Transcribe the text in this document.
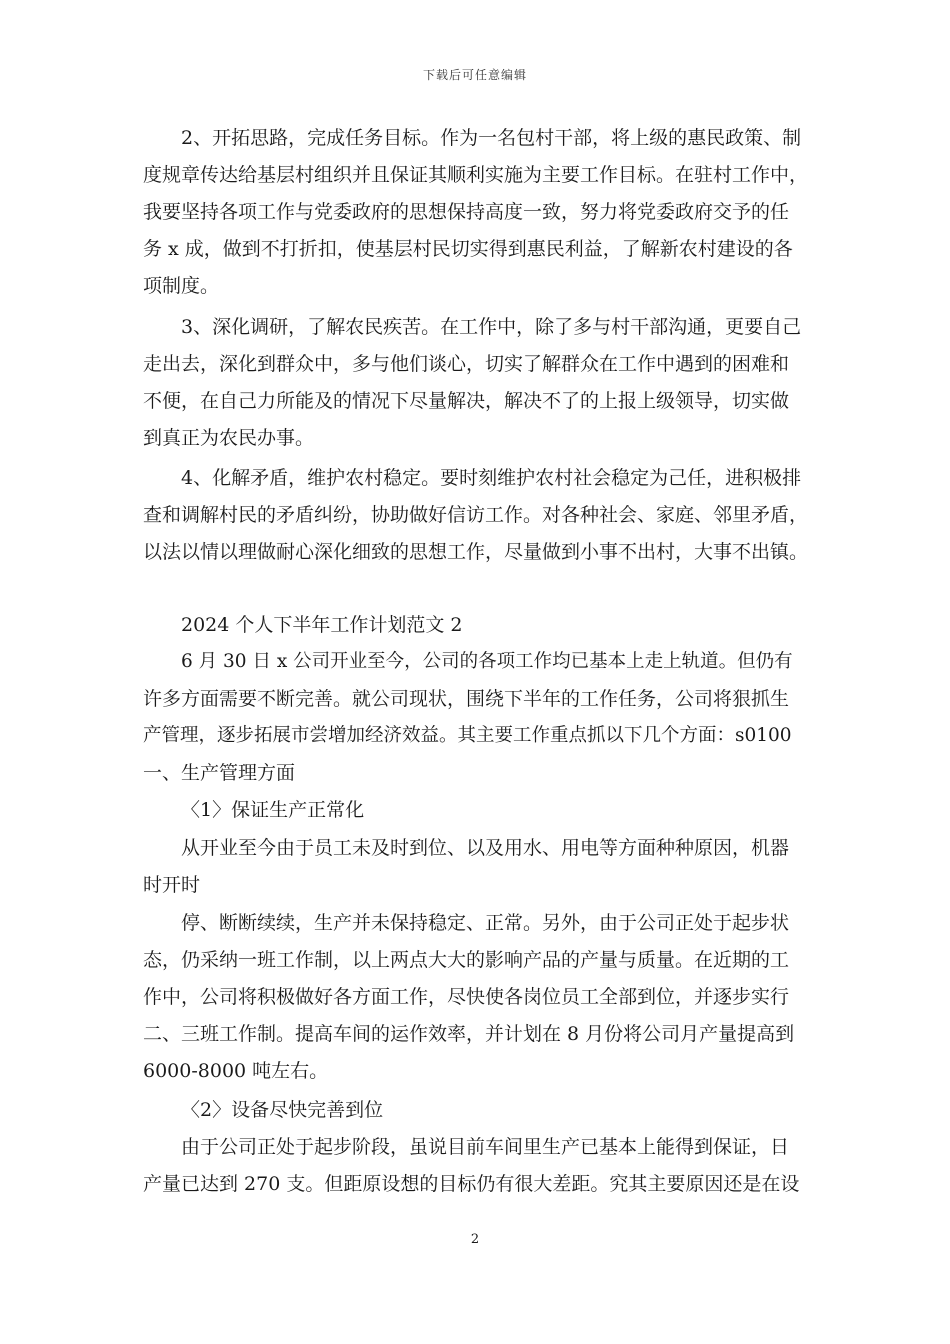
下载后可任意编辑
2、开拓思路，完成任务目标。作为一名包村干部，将上级的惠民政策、制
度规章传达给基层村组织并且保证其顺利实施为主要工作目标。在驻村工作中，
我要坚持各项工作与党委政府的思想保持高度一致，努力将党委政府交予的任
务 x 成，做到不打折扣，使基层村民切实得到惠民利益，了解新农村建设的各
项制度。
3、深化调研，了解农民疾苦。在工作中，除了多与村干部沟通，更要自己
走出去，深化到群众中，多与他们谈心，切实了解群众在工作中遇到的困难和
不便，在自己力所能及的情况下尽量解决，解决不了的上报上级领导，切实做
到真正为农民办事。
4、化解矛盾，维护农村稳定。要时刻维护农村社会稳定为己任，进积极排
查和调解村民的矛盾纠纷，协助做好信访工作。对各种社会、家庭、邻里矛盾，
以法以情以理做耐心深化细致的思想工作，尽量做到小事不出村，大事不出镇。
2024 个人下半年工作计划范文 2
6 月 30 日 x 公司开业至今，公司的各项工作均已基本上走上轨道。但仍有
许多方面需要不断完善。就公司现状，围绕下半年的工作任务，公司将狠抓生
产管理，逐步拓展市尝增加经济效益。其主要工作重点抓以下几个方面：s0100
一、生产管理方面
〈1〉保证生产正常化
从开业至今由于员工未及时到位、以及用水、用电等方面种种原因，机器
时开时
停、断断续续，生产并未保持稳定、正常。另外，由于公司正处于起步状
态，仍采纳一班工作制，以上两点大大的影响产品的产量与质量。在近期的工
作中，公司将积极做好各方面工作，尽快使各岗位员工全部到位，并逐步实行
二、三班工作制。提高车间的运作效率，并计划在 8 月份将公司月产量提高到
6000-8000 吨左右。
〈2〉设备尽快完善到位
由于公司正处于起步阶段，虽说目前车间里生产已基本上能得到保证，日
产量已达到 270 支。但距原设想的目标仍有很大差距。究其主要原因还是在设
2
